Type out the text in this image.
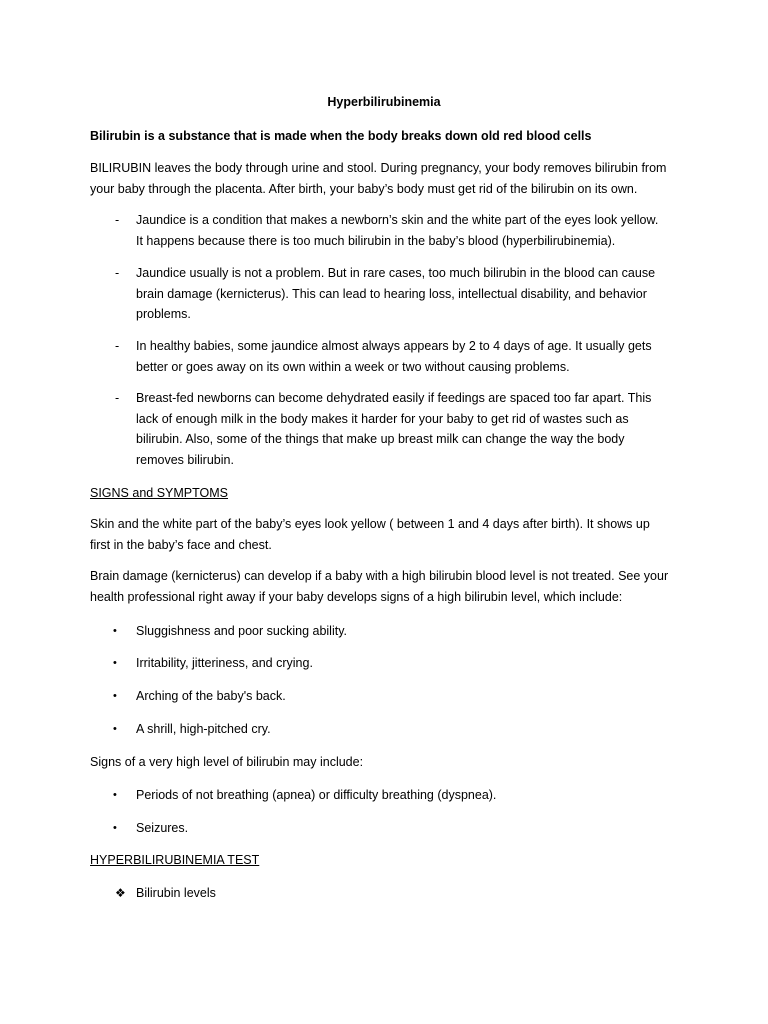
Hyperbilirubinemia
Bilirubin is a substance that is made when the body breaks down old red blood cells
BILIRUBIN leaves the body through urine and stool. During pregnancy, your body removes bilirubin from
your baby through the placenta. After birth, your baby’s body must get rid of the bilirubin on its own.
- Jaundice is a condition that makes a newborn’s skin and the white part of the eyes look yellow.
It happens because there is too much bilirubin in the baby’s blood (hyperbilirubinemia).
- Jaundice usually is not a problem. But in rare cases, too much bilirubin in the blood can cause
brain damage (kernicterus). This can lead to hearing loss, intellectual disability, and behavior
problems.
- In healthy babies, some jaundice almost always appears by 2 to 4 days of age. It usually gets
better or goes away on its own within a week or two without causing problems.
- Breast-fed newborns can become dehydrated easily if feedings are spaced too far apart. This
lack of enough milk in the body makes it harder for your baby to get rid of wastes such as
bilirubin. Also, some of the things that make up breast milk can change the way the body
removes bilirubin.
SIGNS and SYMPTOMS
Skin and the white part of the baby’s eyes look yellow ( between 1 and 4 days after birth). It shows up
first in the baby’s face and chest.
Brain damage (kernicterus) can develop if a baby with a high bilirubin blood level is not treated. See your
health professional right away if your baby develops signs of a high bilirubin level, which include:
• Sluggishness and poor sucking ability.
• Irritability, jitteriness, and crying.
• Arching of the baby's back.
• A shrill, high-pitched cry.
Signs of a very high level of bilirubin may include:
• Periods of not breathing (apnea) or difficulty breathing (dyspnea).
• Seizures.
HYPERBILIRUBINEMIA TEST
❖ Bilirubin levels
